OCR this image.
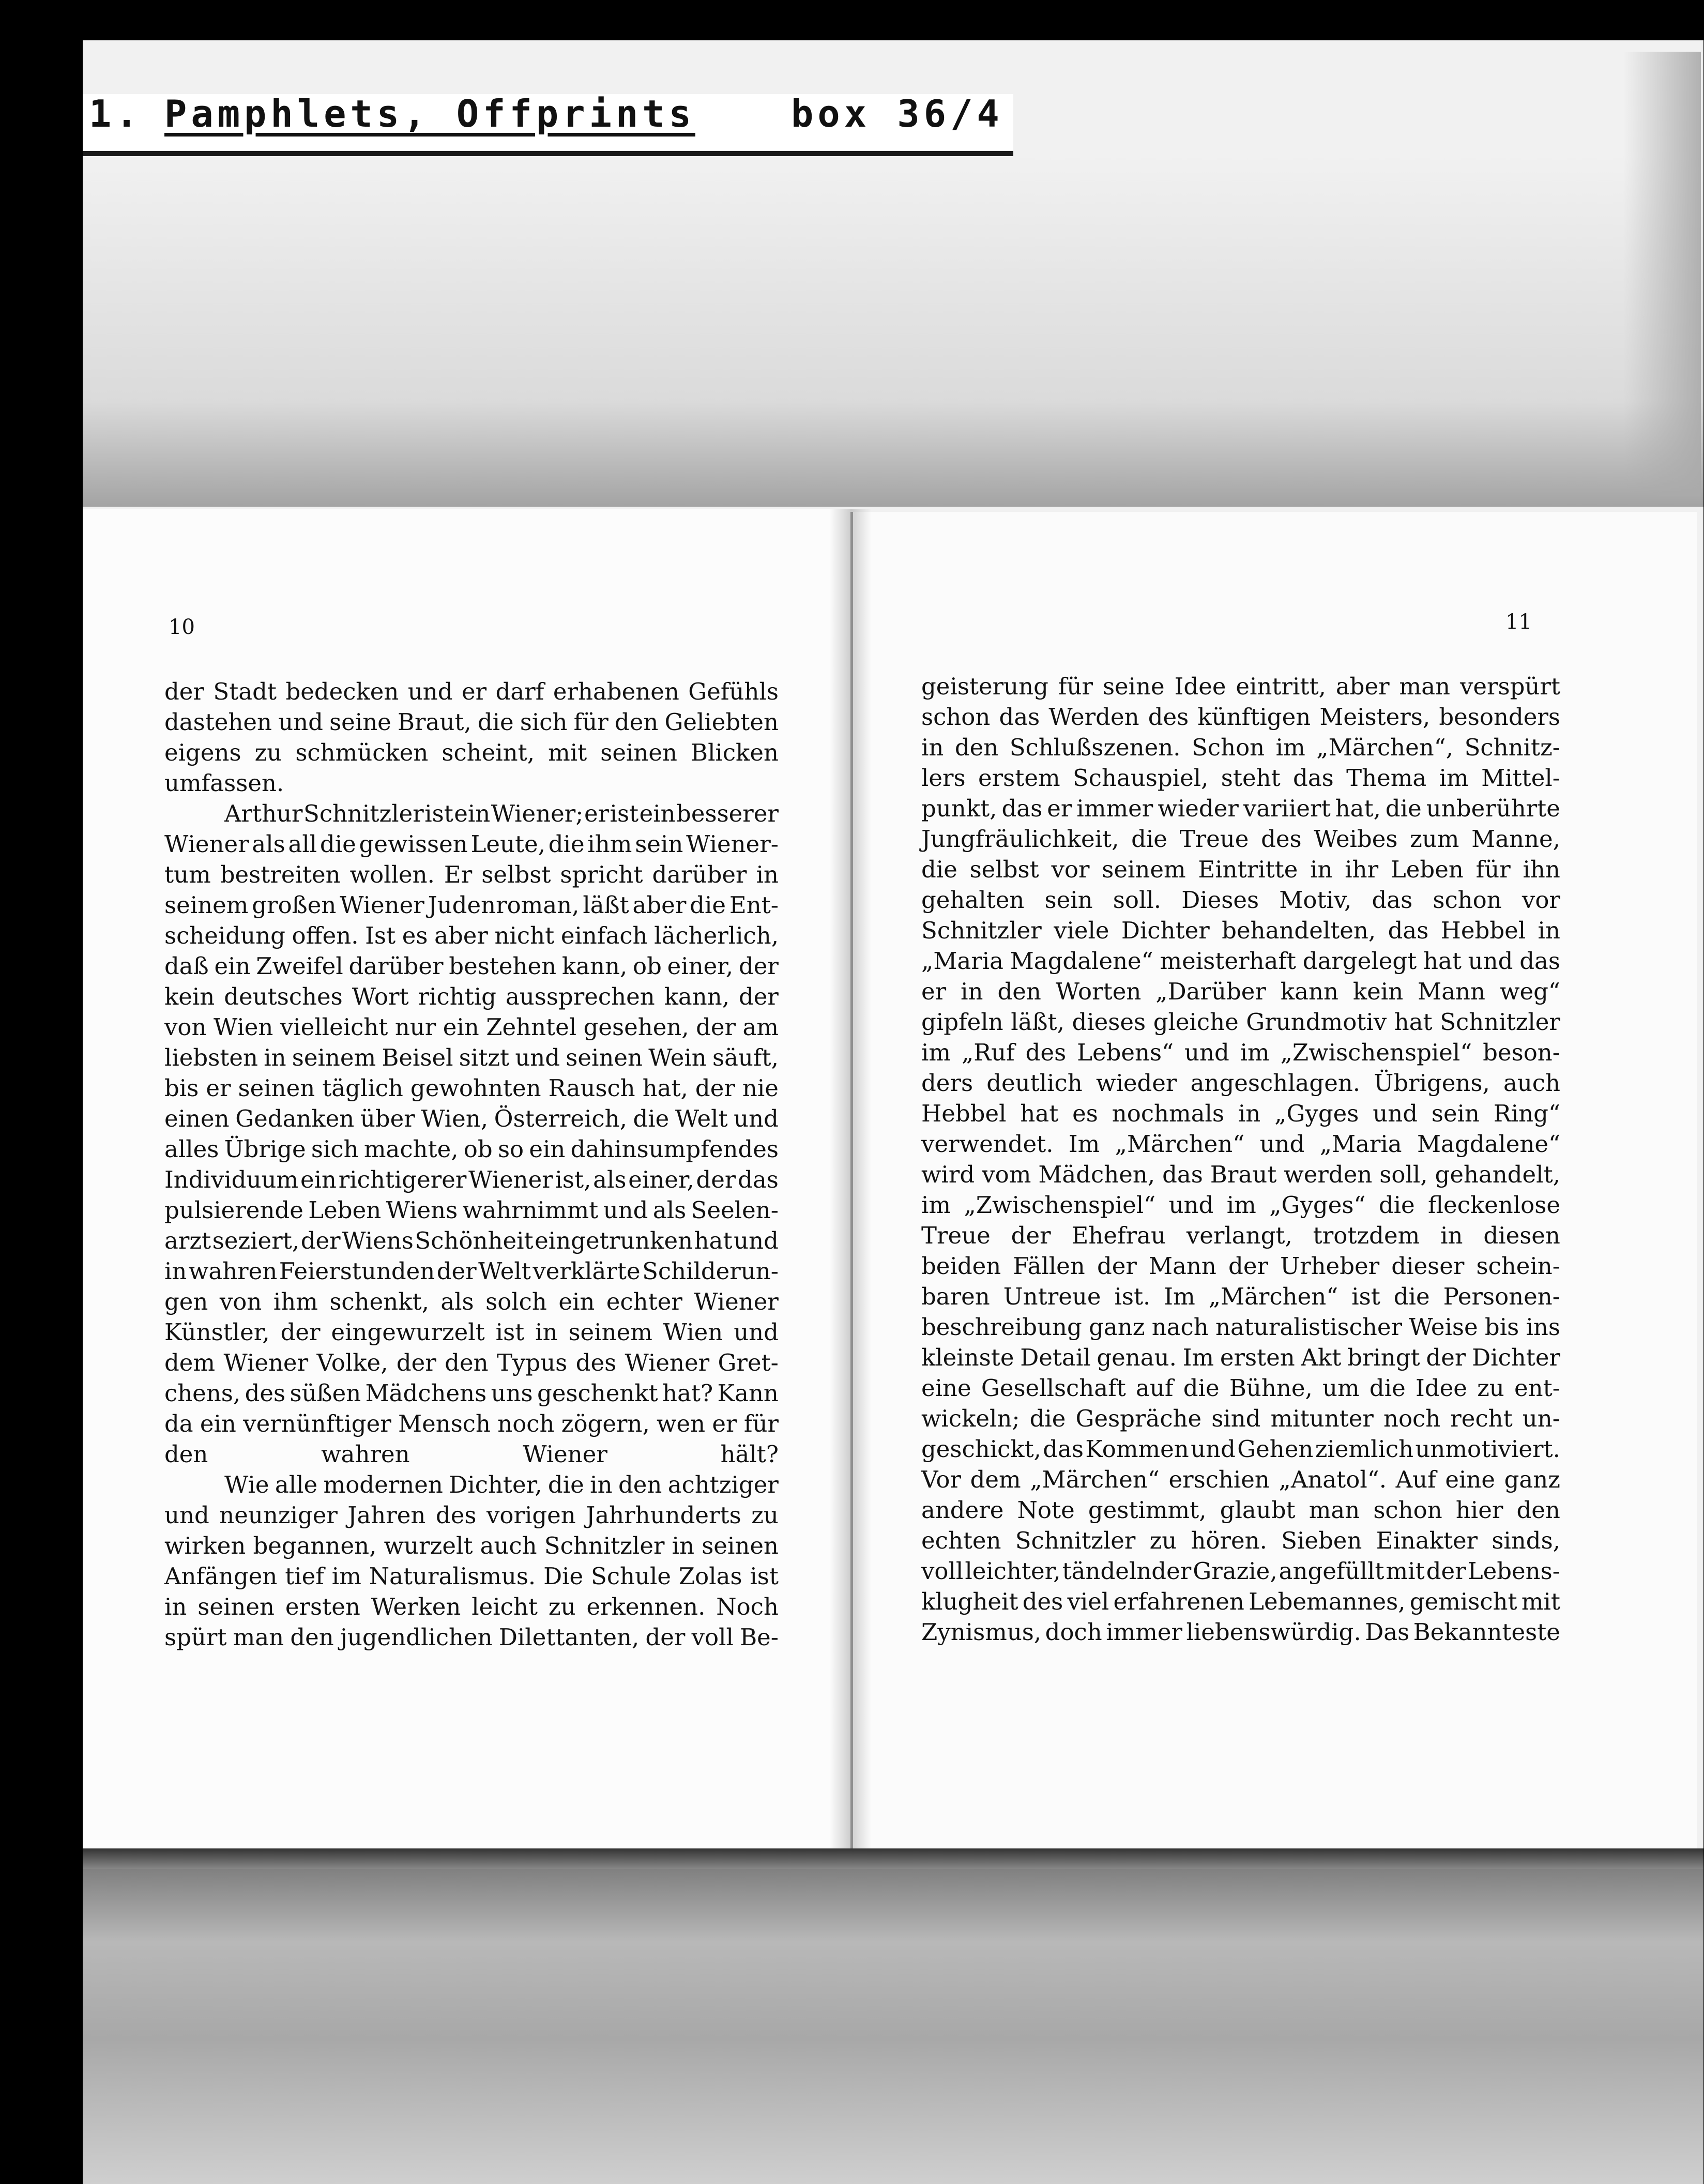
1. Pamphlets, Offprints	box 36/4
10	11
der Stadt bedecken und er darf erhabenen Gefühls
dastehen und seine Braut, die sich für den Geliebten
eigens zu schmücken scheint, mit seinen Blicken
umfassen.
Arthur Schnitzler ist ein Wiener; er ist ein besserer
Wiener als all die gewissen Leute, die ihm sein Wiener-
tum bestreiten wollen. Er selbst spricht darüber in
seinem großen Wiener Judenroman, läßt aber die Ent-
scheidung offen. Ist es aber nicht einfach lächerlich,
daß ein Zweifel darüber bestehen kann, ob einer, der
kein deutsches Wort richtig aussprechen kann, der
von Wien vielleicht nur ein Zehntel gesehen, der am
liebsten in seinem Beisel sitzt und seinen Wein säuft,
bis er seinen täglich gewohnten Rausch hat, der nie
einen Gedanken über Wien, Österreich, die Welt und
alles Übrige sich machte, ob so ein dahinsumpfendes
Individuum ein richtigerer Wiener ist, als einer, der das
pulsierende Leben Wiens wahrnimmt und als Seelen-
arzt seziert, der Wiens Schönheit eingetrunken hat und
in wahren Feierstunden der Welt verklärte Schilderun-
gen von ihm schenkt, als solch ein echter Wiener
Künstler, der eingewurzelt ist in seinem Wien und
dem Wiener Volke, der den Typus des Wiener Gret-
chens, des süßen Mädchens uns geschenkt hat? Kann
da ein vernünftiger Mensch noch zögern, wen er für
den wahren Wiener hält?
Wie alle modernen Dichter, die in den achtziger
und neunziger Jahren des vorigen Jahrhunderts zu
wirken begannen, wurzelt auch Schnitzler in seinen
Anfängen tief im Naturalismus. Die Schule Zolas ist
in seinen ersten Werken leicht zu erkennen. Noch
spürt man den jugendlichen Dilettanten, der voll Be-
geisterung für seine Idee eintritt, aber man verspürt
schon das Werden des künftigen Meisters, besonders
in den Schlußszenen. Schon im „Märchen“, Schnitz-
lers erstem Schauspiel, steht das Thema im Mittel-
punkt, das er immer wieder variiert hat, die unberührte
Jungfräulichkeit, die Treue des Weibes zum Manne,
die selbst vor seinem Eintritte in ihr Leben für ihn
gehalten sein soll. Dieses Motiv, das schon vor
Schnitzler viele Dichter behandelten, das Hebbel in
„Maria Magdalene“ meisterhaft dargelegt hat und das
er in den Worten „Darüber kann kein Mann weg“
gipfeln läßt, dieses gleiche Grundmotiv hat Schnitzler
im „Ruf des Lebens“ und im „Zwischenspiel“ beson-
ders deutlich wieder angeschlagen. Übrigens, auch
Hebbel hat es nochmals in „Gyges und sein Ring“
verwendet. Im „Märchen“ und „Maria Magdalene“
wird vom Mädchen, das Braut werden soll, gehandelt,
im „Zwischenspiel“ und im „Gyges“ die fleckenlose
Treue der Ehefrau verlangt, trotzdem in diesen
beiden Fällen der Mann der Urheber dieser schein-
baren Untreue ist. Im „Märchen“ ist die Personen-
beschreibung ganz nach naturalistischer Weise bis ins
kleinste Detail genau. Im ersten Akt bringt der Dichter
eine Gesellschaft auf die Bühne, um die Idee zu ent-
wickeln; die Gespräche sind mitunter noch recht un-
geschickt, das Kommen und Gehen ziemlich unmotiviert.
Vor dem „Märchen“ erschien „Anatol“. Auf eine ganz
andere Note gestimmt, glaubt man schon hier den
echten Schnitzler zu hören. Sieben Einakter sinds,
voll leichter, tändelnder Grazie, angefüllt mit der Lebens-
klugheit des viel erfahrenen Lebemannes, gemischt mit
Zynismus, doch immer liebenswürdig. Das Bekannteste
